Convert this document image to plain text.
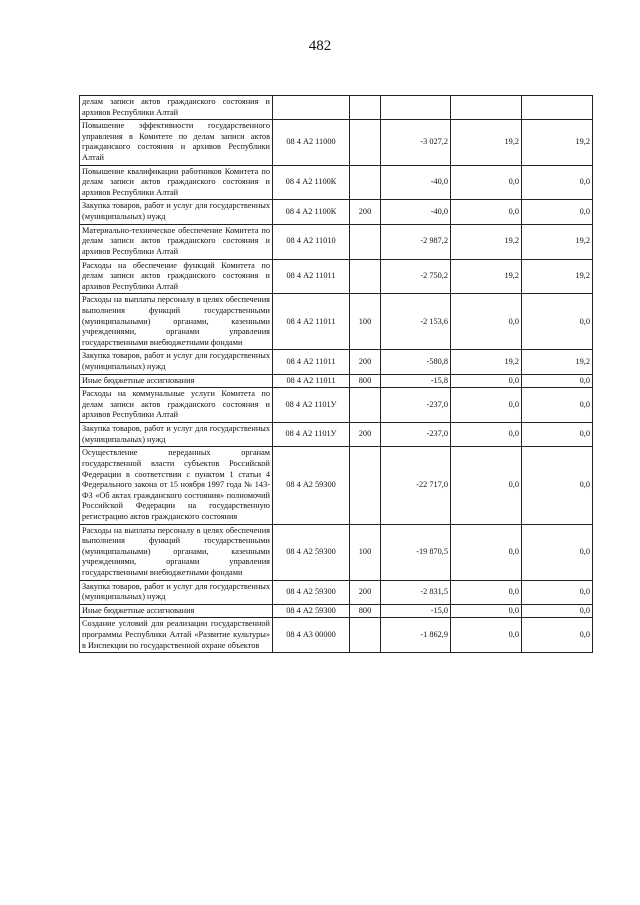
482
делам записи актов гражданского состояния и архивов Республики Алтай					
Повышение эффективности государственного управления в Комитете по делам записи актов гражданского состояния и архивов Республики Алтай	08 4 А2 11000		-3 027,2	19,2	19,2
Повышение квалификации работников Комитета по делам записи актов гражданского состояния и архивов Республики Алтай	08 4 А2 1100К		-40,0	0,0	0,0
Закупка товаров, работ и услуг для государственных (муниципальных) нужд	08 4 А2 1100К	200	-40,0	0,0	0,0
Материально-техническое обеспечение Комитета по делам записи актов гражданского состояния и архивов Республики Алтай	08 4 А2 11010		-2 987,2	19,2	19,2
Расходы на обеспечение функций Комитета по делам записи актов гражданского состояния и архивов Республики Алтай	08 4 А2 11011		-2 750,2	19,2	19,2
Расходы на выплаты персоналу в целях обеспечения выполнения функций государственными (муниципальными) органами, казенными учреждениями, органами управления государственными внебюджетными фондами	08 4 А2 11011	100	-2 153,6	0,0	0,0
Закупка товаров, работ и услуг для государственных (муниципальных) нужд	08 4 А2 11011	200	-580,8	19,2	19,2
Иные бюджетные ассигнования	08 4 А2 11011	800	-15,8	0,0	0,0
Расходы на коммунальные услуги Комитета по делам записи актов гражданского состояния и архивов Республики Алтай	08 4 А2 1101У		-237,0	0,0	0,0
Закупка товаров, работ и услуг для государственных (муниципальных) нужд	08 4 А2 1101У	200	-237,0	0,0	0,0
Осуществление переданных органам государственной власти субъектов Российской Федерации в соответствии с пунктом 1 статьи 4 Федерального закона от 15 ноября 1997 года № 143-ФЗ «Об актах гражданского состояния» полномочий Российской Федерации на государственную регистрацию актов гражданского состояния	08 4 А2 59300		-22 717,0	0,0	0,0
Расходы на выплаты персоналу в целях обеспечения выполнения функций государственными (муниципальными) органами, казенными учреждениями, органами управления государственными внебюджетными фондами	08 4 А2 59300	100	-19 870,5	0,0	0,0
Закупка товаров, работ и услуг для государственных (муниципальных) нужд	08 4 А2 59300	200	-2 831,5	0,0	0,0
Иные бюджетные ассигнования	08 4 А2 59300	800	-15,0	0,0	0,0
Создание условий для реализации государственной программы Республики Алтай «Развитие культуры» в Инспекции по государственной охране объектов	08 4 А3 00000		-1 862,9	0,0	0,0
